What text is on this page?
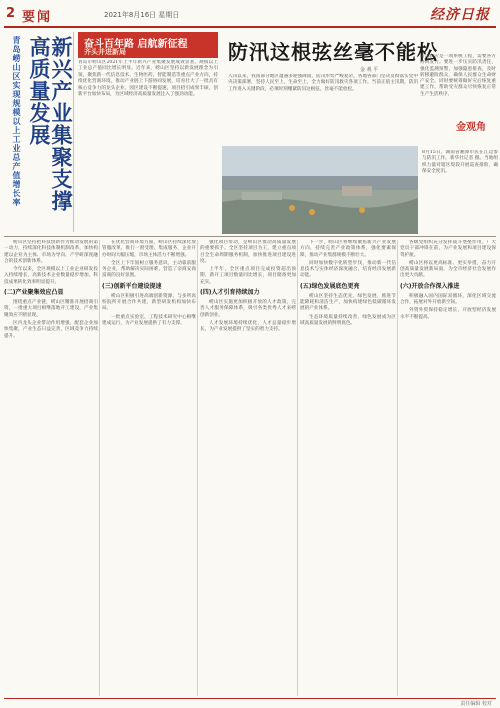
2 要闻	2021年8月16日 星期日	经济日报
青岛崂山区实现规模以上工业总产值增长率	新兴产业集聚支撑高质量发展	奋斗百年路 启航新征程
齐头并进新局
青岛市崂山区2021年上半年新兴产业集聚发展成效显著，规模以上工业总产值同比增长明显。近年来，崂山区坚持以新发展理念为引领，聚焦新一代信息技术、生物医药、智能制造等重点产业方向，持续优化营商环境，推动产业链上下游协同发展，培育壮大了一批具有核心竞争力的龙头企业。园区建设不断提速，项目招引成果丰硕，创新平台加快布局，为区域经济高质量发展注入了强劲动能。
防汛这根弦丝毫不能松
金 观 平
入汛以来，我国部分地区遭遇多轮强降雨，防汛形势严峻复杂。各地各部门坚决贯彻落实党中央决策部署，坚持人民至上、生命至上，全力做好防汛救灾各项工作。当前正值主汛期，防汛工作进入关键阶段，必须时刻绷紧防汛这根弦，丝毫不能放松。
防汛救灾是一项系统工程，需要各方协同发力。要进一步压实防汛责任，强化监测预警，加强隐患排查，及时转移避险群众，确保人民群众生命财产安全。同时要统筹做好灾后恢复重建工作，帮助受灾群众尽快恢复正常生产生活秩序。
金观角
8月15日，湖南省湘潭市民在江边参与防汛工作。新华社记者 摄。当地组织力量对辖区堤段开展巡查排险，确保安全度汛。

崂山区坚持把科技创新作为推动发展的第一动力，持续深化科技体制机制改革，加快构建以企业为主体、市场为导向、产学研深度融合的技术创新体系。

今年以来，全区规模以上工业企业研发投入持续增长，高新技术企业数量稳步增加，科技成果转化效率明显提升。

(二)产业聚集效应凸显

围绕重点产业链，崂山区精准开展招商引资，一批重大项目相继落地开工建设，产业集聚效应不断显现。

区内龙头企业带动作用增强，配套企业加快集聚，产业生态日益完善，区域竞争力持续提升。

在优化营商环境方面，崂山区持续深化放管服改革，推行一窗受理、集成服务，企业开办时间大幅压缩，市场主体活力不断增强。

全区上下牢固树立服务意识，主动靠前服务企业，帮助解决实际困难，营造了亲商安商富商的良好氛围。

(三)创新平台建设提速

崂山区积极引进高端创新资源，与多所高校院所开展合作共建，新型研发机构加快布局。

一批重点实验室、工程技术研究中心相继建成运行，为产业发展提供了有力支撑。

强化项目带动，是崂山区推动高质量发展的重要抓手。全区坚持项目为王，建立重点项目全生命周期服务机制，加快推进项目建设进度。

上半年，全区重点项目完成投资超出预期，新开工项目数量同比增长，项目储备更加充实。

(四)人才引育持续加力

崂山区实施更加积极开放的人才政策，完善人才服务保障体系，吸引各类优秀人才来崂创新创业。

人才发展环境持续优化，人才总量稳步增长，为产业发展提供了坚实的智力支持。

下一步，崂山区将继续聚焦新兴产业发展方向，持续完善产业政策体系，强化要素保障，推动产业集群规模不断壮大。

同时加快数字化转型步伐，推动新一代信息技术与实体经济深度融合，培育经济发展新动能。

(五)绿色发展底色更亮

崂山区坚持生态优先、绿色发展，推进节能降耗和清洁生产，加快构建绿色低碳循环发展的产业体系。

生态环境质量持续改善，绿色发展成为区域高质量发展的鲜明底色。

各级党组织充分发挥战斗堡垒作用，广大党员干部冲锋在前，为产业发展和项目建设保驾护航。

崂山区将以更高标准、更实举措，奋力开创高质量发展新局面，为全市经济社会发展作出更大贡献。

(六)开放合作深入推进

积极融入国内国际双循环，深化区域交流合作，拓展对外开放新空间。

外资外贸保持稳定增长，开放型经济发展水平不断提高。

责任编辑 校对
